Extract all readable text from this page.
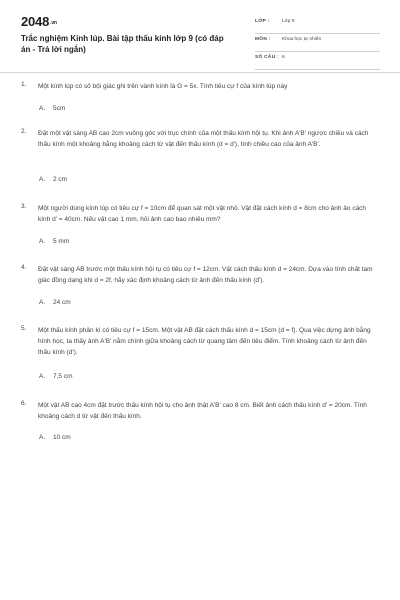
2048.vn
Trắc nghiệm Kính lúp. Bài tập thấu kính lớp 9 (có đáp án - Trả lời ngắn)
LỚP :	Lớp 9
MÔN : Khoa học tự nhiên
SỐ CÂU : 6
1. Một kính lúp có số bội giác ghi trên vành kính là G = 5x. Tính tiêu cự f của kính lúp này
A. 5cm
2. Đặt một vật sáng AB cao 2cm vuông góc với trục chính của một thấu kính hội tụ. Khi ảnh A'B' ngược chiều và cách thấu kính một khoảng bằng khoảng cách từ vật đến thấu kính (d = d'), tính chiều cao của ảnh A'B'.
A. 2 cm
3. Một người dùng kính lúp có tiêu cự f = 10cm để quan sát một vật nhỏ. Vật đặt cách kính d = 8cm cho ảnh ảo cách kính d' = 40cm. Nếu vật cao 1 mm, hỏi ảnh cao bao nhiêu mm?
A. 5 mm
4. Đặt vật sáng AB trước một thấu kính hội tụ có tiêu cự f = 12cm. Vật cách thấu kính d = 24cm. Dựa vào tính chất tam giác đồng dạng khi d = 2f, hãy xác định khoảng cách từ ảnh đến thấu kính (d').
A. 24 cm
5. Một thấu kính phân kì có tiêu cự f = 15cm. Một vật AB đặt cách thấu kính d = 15cm (d = f). Qua việc dựng ảnh bằng hình học, ta thấy ảnh A'B' nằm chính giữa khoảng cách từ quang tâm đến tiêu điểm. Tính khoảng cách từ ảnh đến thấu kính (d').
A. 7,5 cm
6. Một vật AB cao 4cm đặt trước thấu kính hội tụ cho ảnh thật A'B' cao 8 cm. Biết ảnh cách thấu kính d' = 20cm. Tính khoảng cách d từ vật đến thấu kính.
A. 10 cm
